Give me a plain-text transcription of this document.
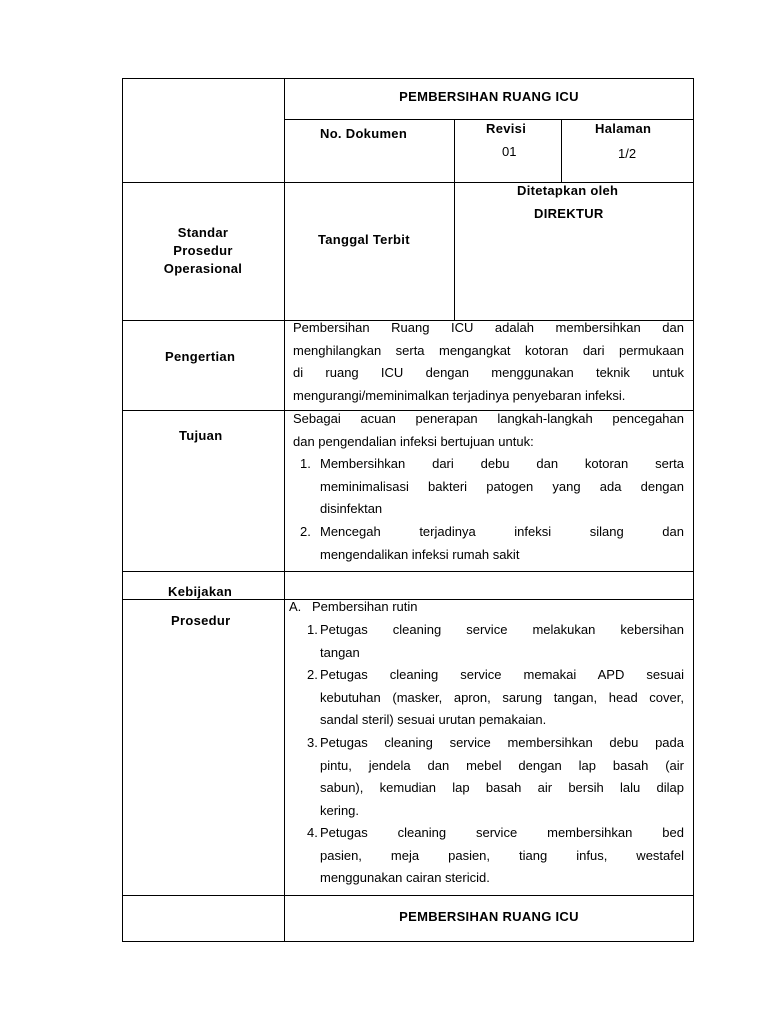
PEMBERSIHAN RUANG ICU
No. Dokumen	Revisi
01
Halaman
1/2
Standar
Prosedur
Operasional
Tanggal Terbit
Ditetapkan oleh
DIREKTUR
Pengertian
Pembersihan Ruang ICU adalah membersihkan dan
menghilangkan serta mengangkat kotoran dari permukaan
di ruang ICU dengan menggunakan teknik untuk
mengurangi/meminimalkan terjadinya penyebaran infeksi.
Tujuan
Sebagai acuan penerapan langkah-langkah pencegahan
dan pengendalian infeksi bertujuan untuk:
1. Membersihkan dari debu dan kotoran serta
meminimalisasi bakteri patogen yang ada dengan
disinfektan
2. Mencegah terjadinya infeksi silang dan
mengendalikan infeksi rumah sakit
Kebijakan
Prosedur
A. Pembersihan rutin
1. Petugas cleaning service melakukan kebersihan
tangan
2. Petugas cleaning service memakai APD sesuai
kebutuhan (masker, apron, sarung tangan, head cover,
sandal steril) sesuai urutan pemakaian.
3. Petugas cleaning service membersihkan debu pada
pintu, jendela dan mebel dengan lap basah (air
sabun), kemudian lap basah air bersih lalu dilap
kering.
4. Petugas cleaning service membersihkan bed
pasien, meja pasien, tiang infus, westafel
menggunakan cairan stericid.
PEMBERSIHAN RUANG ICU
